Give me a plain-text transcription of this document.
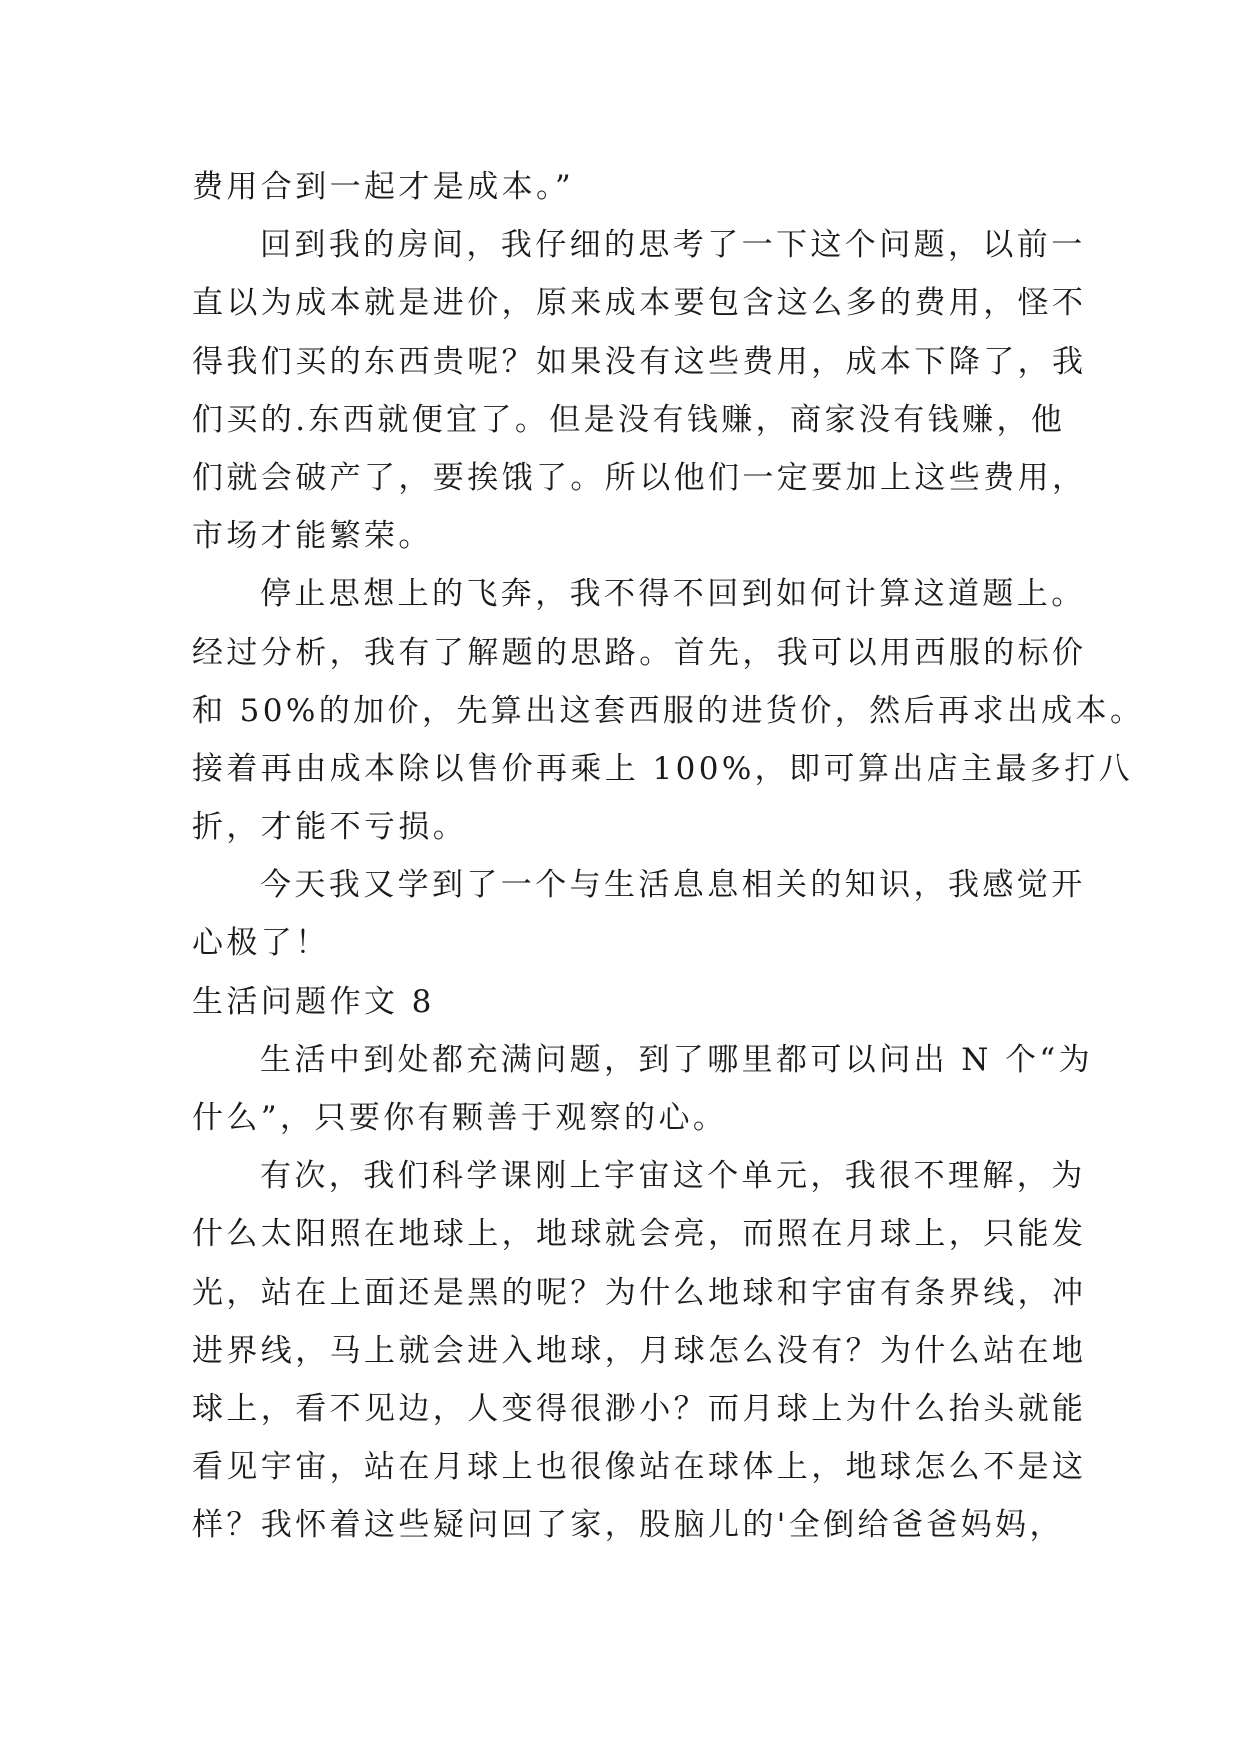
费用合到一起才是成本。”
回到我的房间，我仔细的思考了一下这个问题，以前一
直以为成本就是进价，原来成本要包含这么多的费用，怪不
得我们买的东西贵呢？如果没有这些费用，成本下降了，我
们买的.东西就便宜了。但是没有钱赚，商家没有钱赚，他
们就会破产了，要挨饿了。所以他们一定要加上这些费用，
市场才能繁荣。
停止思想上的飞奔，我不得不回到如何计算这道题上。
经过分析，我有了解题的思路。首先，我可以用西服的标价
和 50%的加价，先算出这套西服的进货价，然后再求出成本。
接着再由成本除以售价再乘上 100%，即可算出店主最多打八
折，才能不亏损。
今天我又学到了一个与生活息息相关的知识，我感觉开
心极了！
生活问题作文 8
生活中到处都充满问题，到了哪里都可以问出 N 个“为
什么”，只要你有颗善于观察的心。
有次，我们科学课刚上宇宙这个单元，我很不理解，为
什么太阳照在地球上，地球就会亮，而照在月球上，只能发
光，站在上面还是黑的呢？为什么地球和宇宙有条界线，冲
进界线，马上就会进入地球，月球怎么没有？为什么站在地
球上，看不见边，人变得很渺小？而月球上为什么抬头就能
看见宇宙，站在月球上也很像站在球体上，地球怎么不是这
样？我怀着这些疑问回了家，股脑儿的'全倒给爸爸妈妈，
